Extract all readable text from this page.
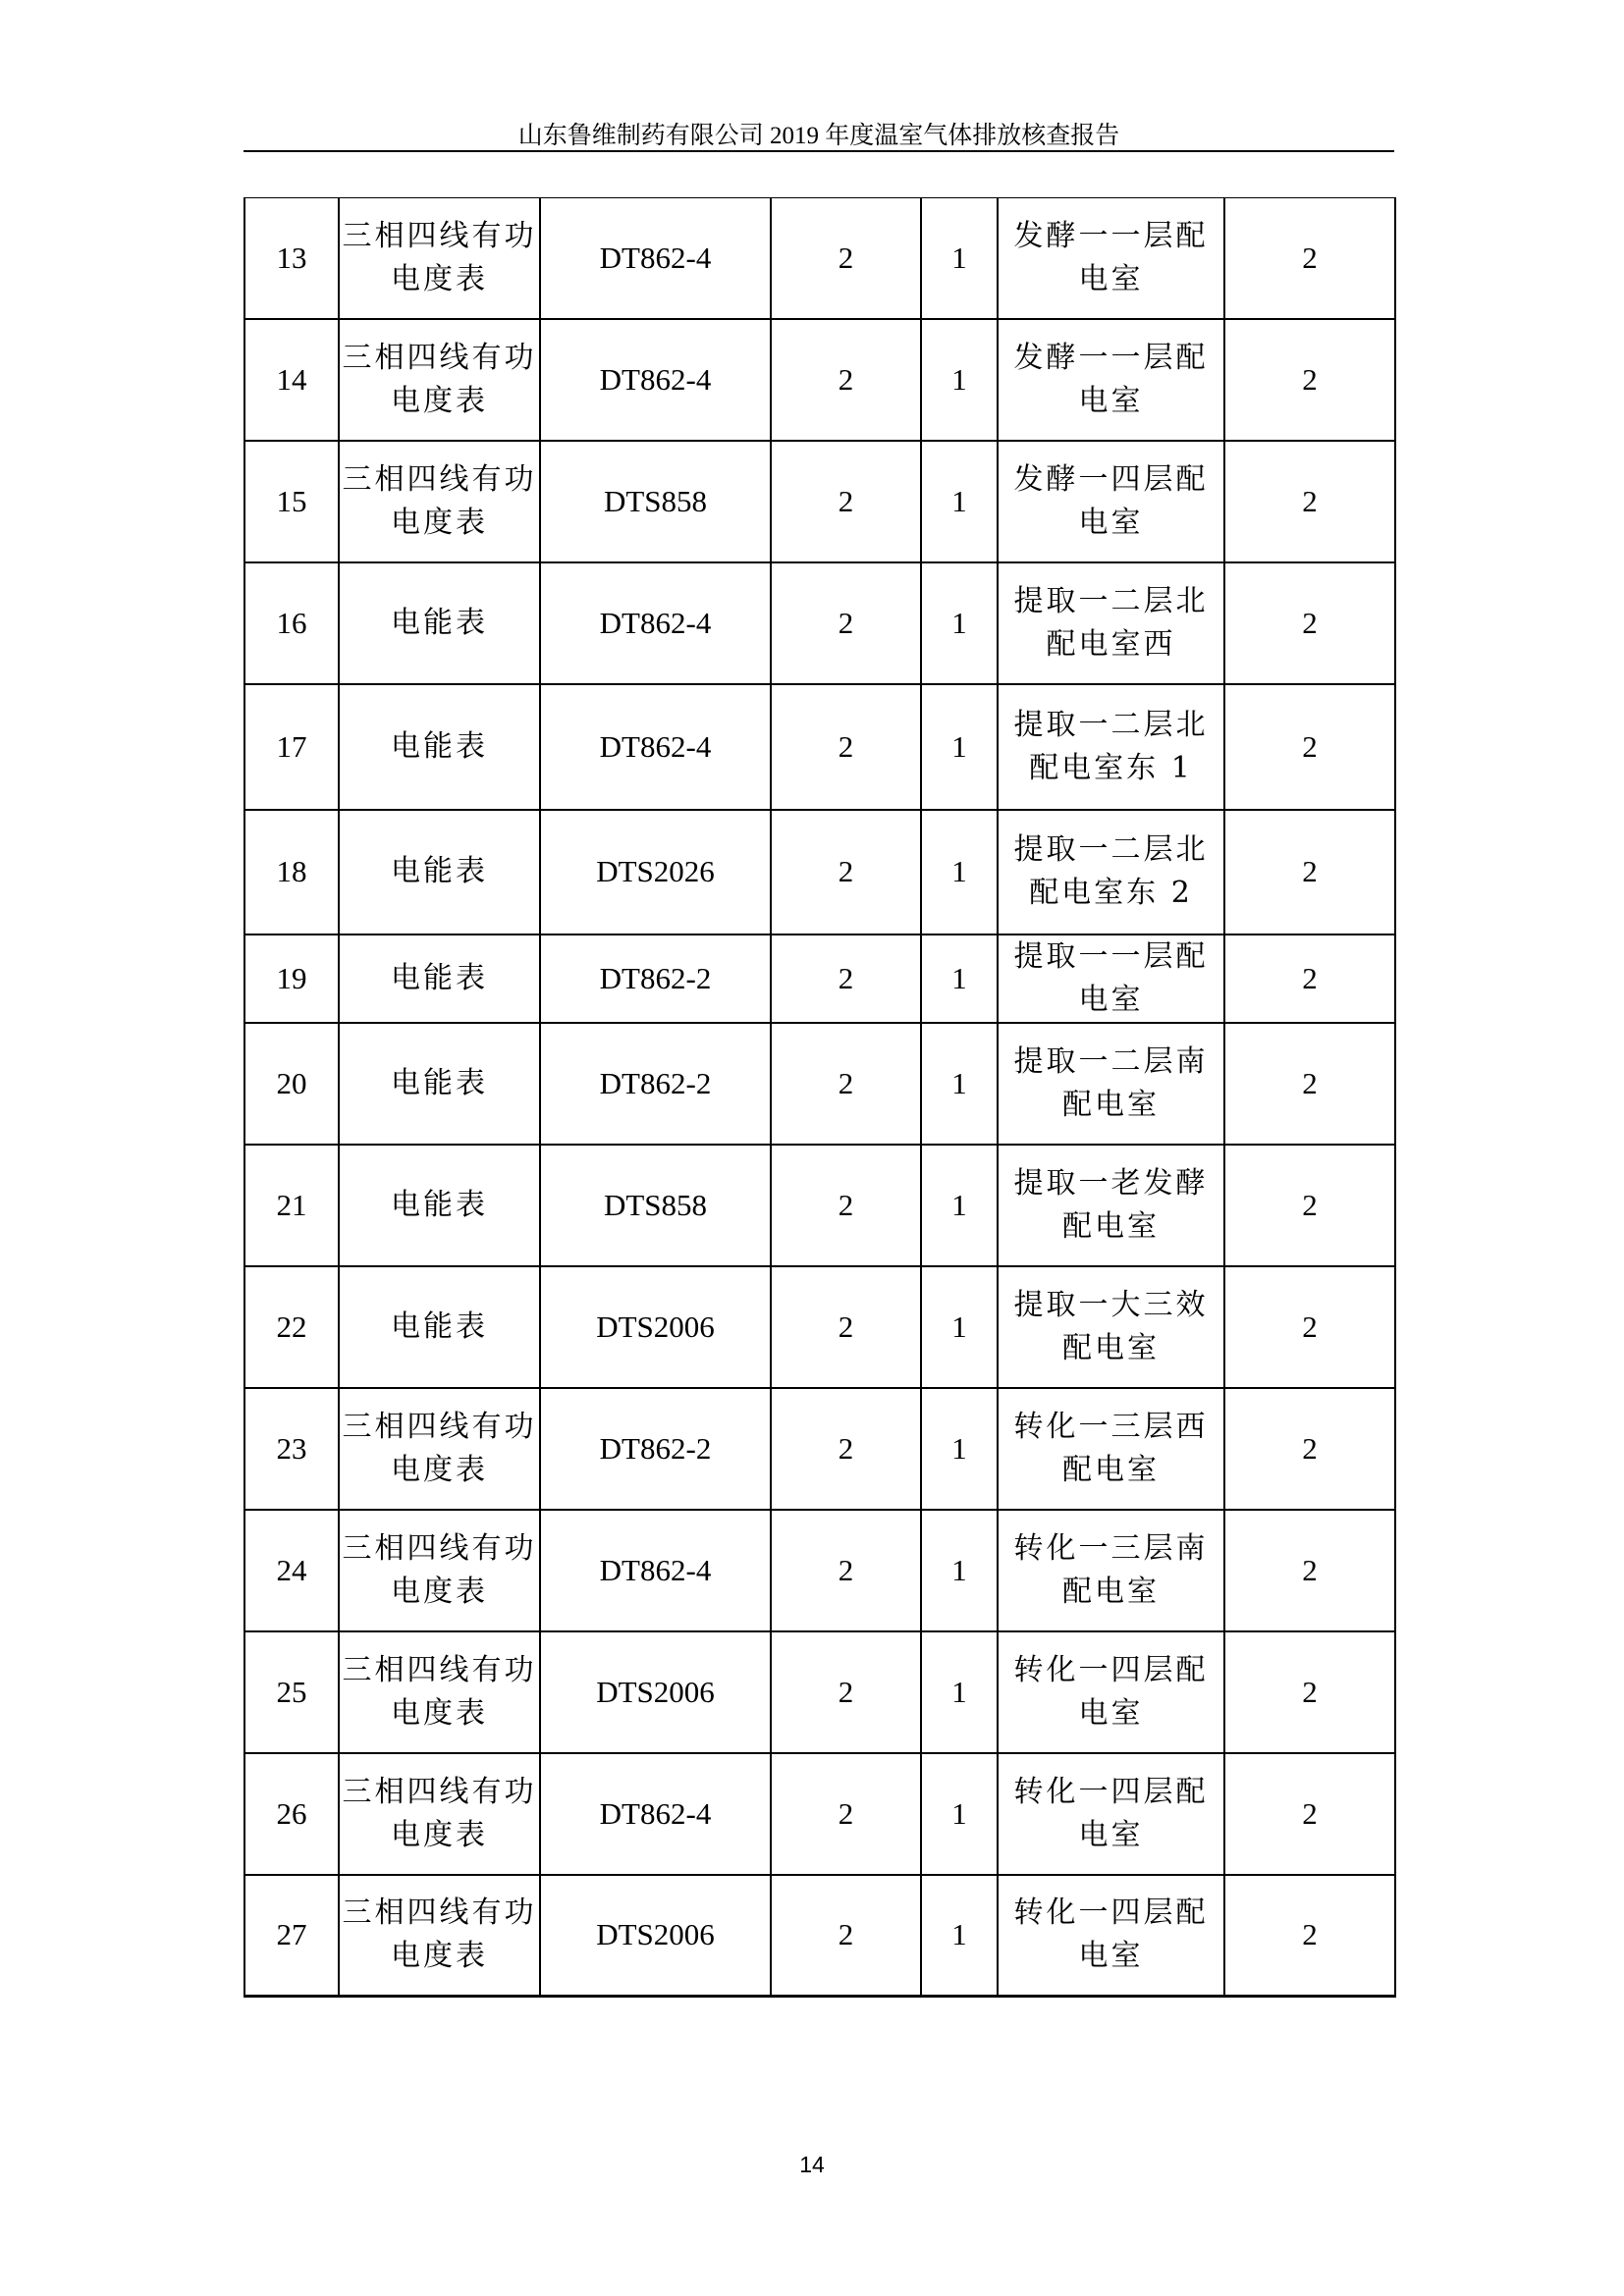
山东鲁维制药有限公司 2019 年度温室气体排放核查报告
13	三相四线有功
电度表	DT862-4	2	1	发酵一一层配
电室	2
14	三相四线有功
电度表	DT862-4	2	1	发酵一一层配
电室	2
15	三相四线有功
电度表	DTS858	2	1	发酵一四层配
电室	2
16	电能表	DT862-4	2	1	提取一二层北
配电室西	2
17	电能表	DT862-4	2	1	提取一二层北
配电室东 1	2
18	电能表	DTS2026	2	1	提取一二层北
配电室东 2	2
19	电能表	DT862-2	2	1	提取一一层配
电室	2
20	电能表	DT862-2	2	1	提取一二层南
配电室	2
21	电能表	DTS858	2	1	提取一老发酵
配电室	2
22	电能表	DTS2006	2	1	提取一大三效
配电室	2
23	三相四线有功
电度表	DT862-2	2	1	转化一三层西
配电室	2
24	三相四线有功
电度表	DT862-4	2	1	转化一三层南
配电室	2
25	三相四线有功
电度表	DTS2006	2	1	转化一四层配
电室	2
26	三相四线有功
电度表	DT862-4	2	1	转化一四层配
电室	2
27	三相四线有功
电度表	DTS2006	2	1	转化一四层配
电室	2
14
